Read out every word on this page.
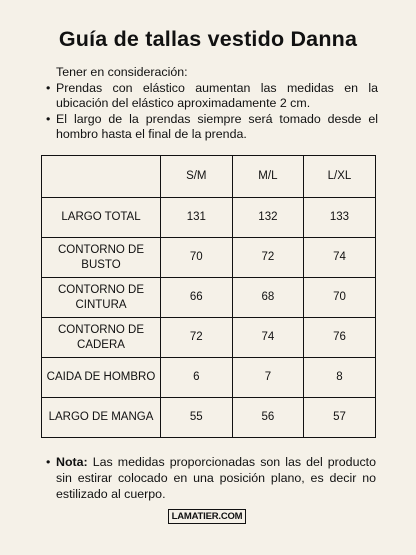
Guía de tallas vestido Danna
Tener en consideración:
• Prendas con elástico aumentan las medidas en la ubicación del elástico aproximadamente 2 cm.
• El largo de la prendas siempre será tomado desde el hombro hasta el final de la prenda.
	S/M	M/L	L/XL
LARGO TOTAL	131	132	133

CONTORNO DE
BUSTO	70	72	74

CONTORNO DE
CINTURA	66	68	70

CONTORNO DE
CADERA	72	74	76
CAIDA DE HOMBRO	6	7	8
LARGO DE MANGA	55	56	57
• Nota: Las medidas proporcionadas son las del producto sin estirar colocado en una posición plano, es decir no estilizado al cuerpo.
LAMATIER.COM
